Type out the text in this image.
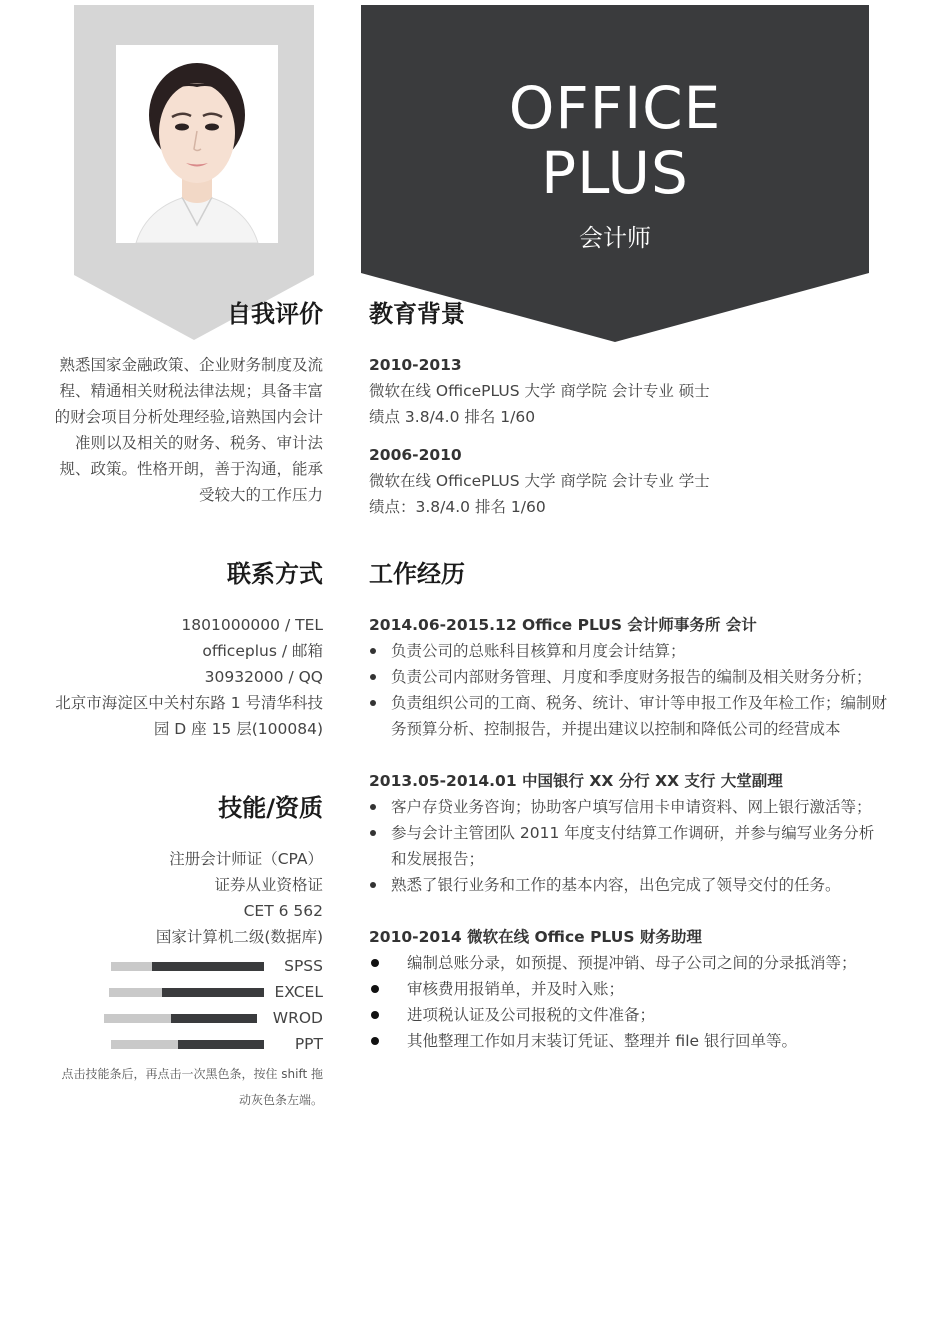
OFFICE
PLUS
会计师
自我评价
熟悉国家金融政策、企业财务制度及流
程、精通相关财税法律法规；具备丰富
的财会项目分析处理经验,谙熟国内会计
准则以及相关的财务、税务、审计法
规、政策。性格开朗，善于沟通，能承
受较大的工作压力
联系方式
1801000000 / TEL
officeplus / 邮箱
30932000 / QQ
北京市海淀区中关村东路 1 号清华科技
园 D 座 15 层(100084)
技能/资质
注册会计师证（CPA）
证券从业资格证
CET 6 562
国家计算机二级(数据库)
SPSS
EXCEL
WROD
PPT
点击技能条后，再点击一次黑色条，按住 shift 拖
动灰色条左端。
教育背景
2010-2013
微软在线 OfficePLUS 大学 商学院 会计专业 硕士
绩点 3.8/4.0 排名 1/60
2006-2010
微软在线 OfficePLUS 大学 商学院 会计专业 学士
绩点：3.8/4.0 排名 1/60
工作经历
2014.06-2015.12 Office PLUS 会计师事务所 会计
负责公司的总账科目核算和月度会计结算；
负责公司内部财务管理、月度和季度财务报告的编制及相关财务分析；
负责组织公司的工商、税务、统计、审计等申报工作及年检工作；编制财务预算分析、控制报告，并提出建议以控制和降低公司的经营成本
2013.05-2014.01 中国银行 XX 分行 XX 支行 大堂副理
客户存贷业务咨询；协助客户填写信用卡申请资料、网上银行激活等；
参与会计主管团队 2011 年度支付结算工作调研，并参与编写业务分析和发展报告；
熟悉了银行业务和工作的基本内容，出色完成了领导交付的任务。
2010-2014 微软在线 Office PLUS 财务助理
编制总账分录，如预提、预提冲销、母子公司之间的分录抵消等；
审核费用报销单，并及时入账；
进项税认证及公司报税的文件准备；
其他整理工作如月末装订凭证、整理并 file 银行回单等。
